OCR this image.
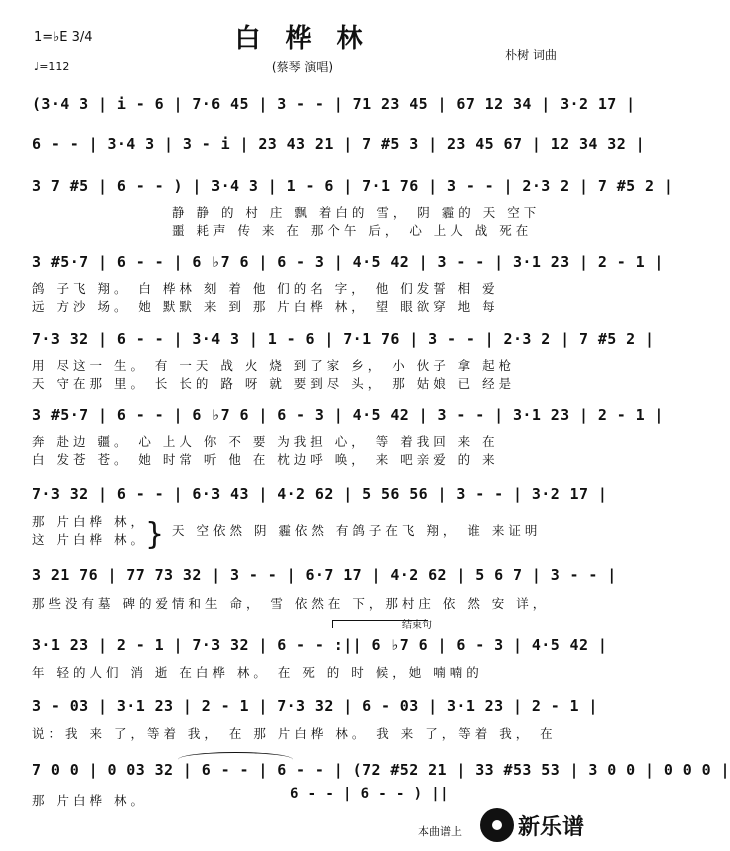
白 桦 林
(蔡琴 演唱)
朴树 词曲
1=♭E 3/4
♩=112
(3·4 3 | i - 6 | 7·6 45 | 3 - - | 71 23 45 | 67 12 34 | 3·2 17 |
6 - - | 3·4 3 | 3 - i | 23 43 21 | 7 #5 3 | 23 45 67 | 12 34 32 |
3 7 #5 | 6 - - ) | 3·4 3 | 1 - 6 | 7·1 76 | 3 - - | 2·3 2 | 7 #5 2 |
静 静 的 村 庄 飘 着白的 雪， 阴 霾的 天 空下
噩 耗声 传 来 在 那个午 后， 心 上人 战 死在
3 #5·7 | 6 - - | 6 ♭7 6 | 6 - 3 | 4·5 42 | 3 - - | 3·1 23 | 2 - 1 |
鸽 子飞 翔。 白 桦林 刻 着 他 们的名 字， 他 们发誓 相 爱
远 方沙 场。 她 默默 来 到 那 片白桦 林， 望 眼欲穿 地 每
7·3 32 | 6 - - | 3·4 3 | 1 - 6 | 7·1 76 | 3 - - | 2·3 2 | 7 #5 2 |
用 尽这一 生。 有 一天 战 火 烧 到了家 乡， 小 伙子 拿 起枪
天 守在那 里。 长 长的 路 呀 就 要到尽 头， 那 姑娘 已 经是
3 #5·7 | 6 - - | 6 ♭7 6 | 6 - 3 | 4·5 42 | 3 - - | 3·1 23 | 2 - 1 |
奔 赴边 疆。 心 上人 你 不 要 为我担 心， 等 着我回 来 在
白 发苍 苍。 她 时常 听 他 在 枕边呼 唤， 来 吧亲爱 的 来
7·3 32 | 6 - - | 6·3 43 | 4·2 62 | 5 56 56 | 3 - - | 3·2 17 |
那 片白桦 林，
这 片白桦 林。
} 天 空依然 阴 霾依然 有鸽子在飞 翔， 谁 来证明
3 21 76 | 77 73 32 | 3 - - | 6·7 17 | 4·2 62 | 5 6 7 | 3 - - |
那些没有墓 碑的爱情和生 命， 雪 依然在 下，那村庄 依 然 安 详，
结束句
3·1 23 | 2 - 1 | 7·3 32 | 6 - - :|| 6 ♭7 6 | 6 - 3 | 4·5 42 |
年 轻的人们 消 逝 在白桦 林。 在 死 的 时 候，她 喃喃的
3 - 03 | 3·1 23 | 2 - 1 | 7·3 32 | 6 - 03 | 3·1 23 | 2 - 1 |
说：我 来 了，等着 我， 在 那 片白桦 林。 我 来 了，等着 我， 在
7 0 0 | 0 03 32 | 6 - - | 6 - - | (72 #52 21 | 33 #53 53 | 3 0 0 | 0 0 0 |
6 - - | 6 - - ) ||
那 片白桦 林。
本曲谱上	新乐谱
